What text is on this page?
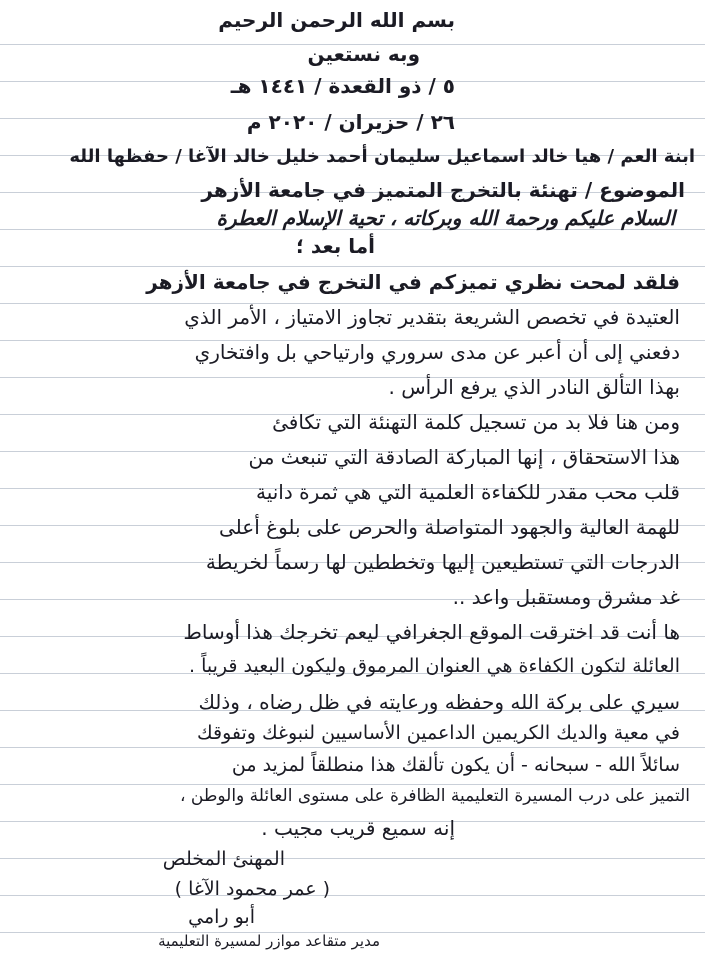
بسم الله الرحمن الرحيم
وبه نستعين
٥ / ذو القعدة / ١٤٤١ هـ
٢٦ / حزيران / ٢٠٢٠ م
ابنة العم / هيا خالد اسماعيل سليمان أحمد خليل خالد الآغا / حفظها الله
الموضوع / تهنئة بالتخرج المتميز في جامعة الأزهر
السلام عليكم ورحمة الله وبركاته ، تحية الإسلام العطرة
أما بعد ؛
فلقد لمحت نظري تميزكم في التخرج في جامعة الأزهر
العتيدة في تخصص الشريعة بتقدير تجاوز الامتياز ، الأمر الذي
دفعني إلى أن أعبر عن مدى سروري وارتياحي بل وافتخاري
بهذا التألق النادر الذي يرفع الرأس .
ومن هنا فلا بد من تسجيل كلمة التهنئة التي تكافئ
هذا الاستحقاق ، إنها المباركة الصادقة التي تنبعث من
قلب محب مقدر للكفاءة العلمية التي هي ثمرة دانية
للهمة العالية والجهود المتواصلة والحرص على بلوغ أعلى
الدرجات التي تستطيعين إليها وتخططين لها رسماً لخريطة
غد مشرق ومستقبل واعد ..
ها أنت قد اخترقت الموقع الجغرافي ليعم تخرجك هذا أوساط
العائلة لتكون الكفاءة هي العنوان المرموق وليكون البعيد قريباً .
سيري على بركة الله وحفظه ورعايته في ظل رضاه ، وذلك
في معية والديك الكريمين الداعمين الأساسيين لنبوغك وتفوقك
سائلاً الله - سبحانه - أن يكون تألقك هذا منطلقاً لمزيد من
التميز على درب المسيرة التعليمية الظافرة على مستوى العائلة والوطن ،
إنه سميع قريب مجيب .
المهنئ المخلص
( عمر محمود الآغا )
أبو رامي
مدير متقاعد موازر لمسيرة التعليمية
